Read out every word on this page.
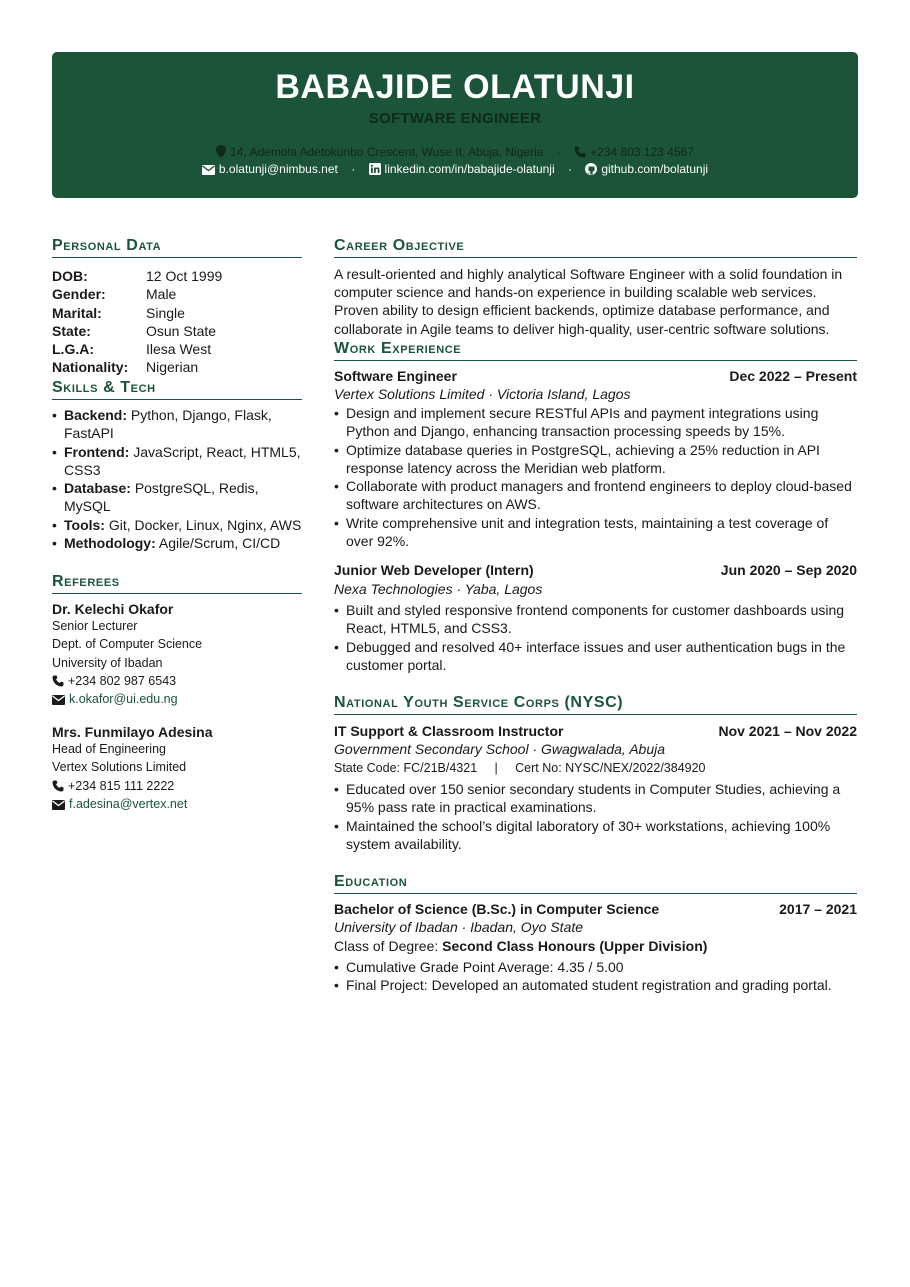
BABAJIDE OLATUNJI
SOFTWARE ENGINEER
14, Ademola Adetokunbo Crescent, Wuse II, Abuja, Nigeria · +234 803 123 4567
b.olatunji@nimbus.net · linkedin.com/in/babajide-olatunji · github.com/bolatunji
Personal Data
DOB:	12 Oct 1999
Gender:	Male
Marital:	Single
State:	Osun State
L.G.A:	Ilesa West
Nationality: Nigerian
Skills & Tech
• Backend: Python, Django, Flask, FastAPI
• Frontend: JavaScript, React, HTML5, CSS3
• Database: PostgreSQL, Redis, MySQL
• Tools: Git, Docker, Linux, Nginx, AWS
• Methodology: Agile/Scrum, CI/CD
Referees
Dr. Kelechi Okafor
Senior Lecturer
Dept. of Computer Science
University of Ibadan
+234 802 987 6543
k.okafor@ui.edu.ng
Mrs. Funmilayo Adesina
Head of Engineering
Vertex Solutions Limited
+234 815 111 2222
f.adesina@vertex.net
Career Objective
A result-oriented and highly analytical Software Engineer with a solid foundation in computer science and hands-on experience in building scalable web services. Proven ability to design efficient backends, optimize database performance, and collaborate in Agile teams to deliver high-quality, user-centric software solutions.
Work Experience
Software Engineer	Dec 2022 – Present
Vertex Solutions Limited · Victoria Island, Lagos
• Design and implement secure RESTful APIs and payment integrations using Python and Django, enhancing transaction processing speeds by 15%.
• Optimize database queries in PostgreSQL, achieving a 25% reduction in API response latency across the Meridian web platform.
• Collaborate with product managers and frontend engineers to deploy cloud-based software architectures on AWS.
• Write comprehensive unit and integration tests, maintaining a test coverage of over 92%.
Junior Web Developer (Intern)	Jun 2020 – Sep 2020
Nexa Technologies · Yaba, Lagos
• Built and styled responsive frontend components for customer dashboards using React, HTML5, and CSS3.
• Debugged and resolved 40+ interface issues and user authentication bugs in the customer portal.
National Youth Service Corps (NYSC)
IT Support & Classroom Instructor	Nov 2021 – Nov 2022
Government Secondary School · Gwagwalada, Abuja
State Code: FC/21B/4321     |     Cert No: NYSC/NEX/2022/384920
• Educated over 150 senior secondary students in Computer Studies, achieving a 95% pass rate in practical examinations.
• Maintained the school’s digital laboratory of 30+ workstations, achieving 100% system availability.
Education
Bachelor of Science (B.Sc.) in Computer Science	2017 – 2021
University of Ibadan · Ibadan, Oyo State
Class of Degree: Second Class Honours (Upper Division)
• Cumulative Grade Point Average: 4.35 / 5.00
• Final Project: Developed an automated student registration and grading portal.
